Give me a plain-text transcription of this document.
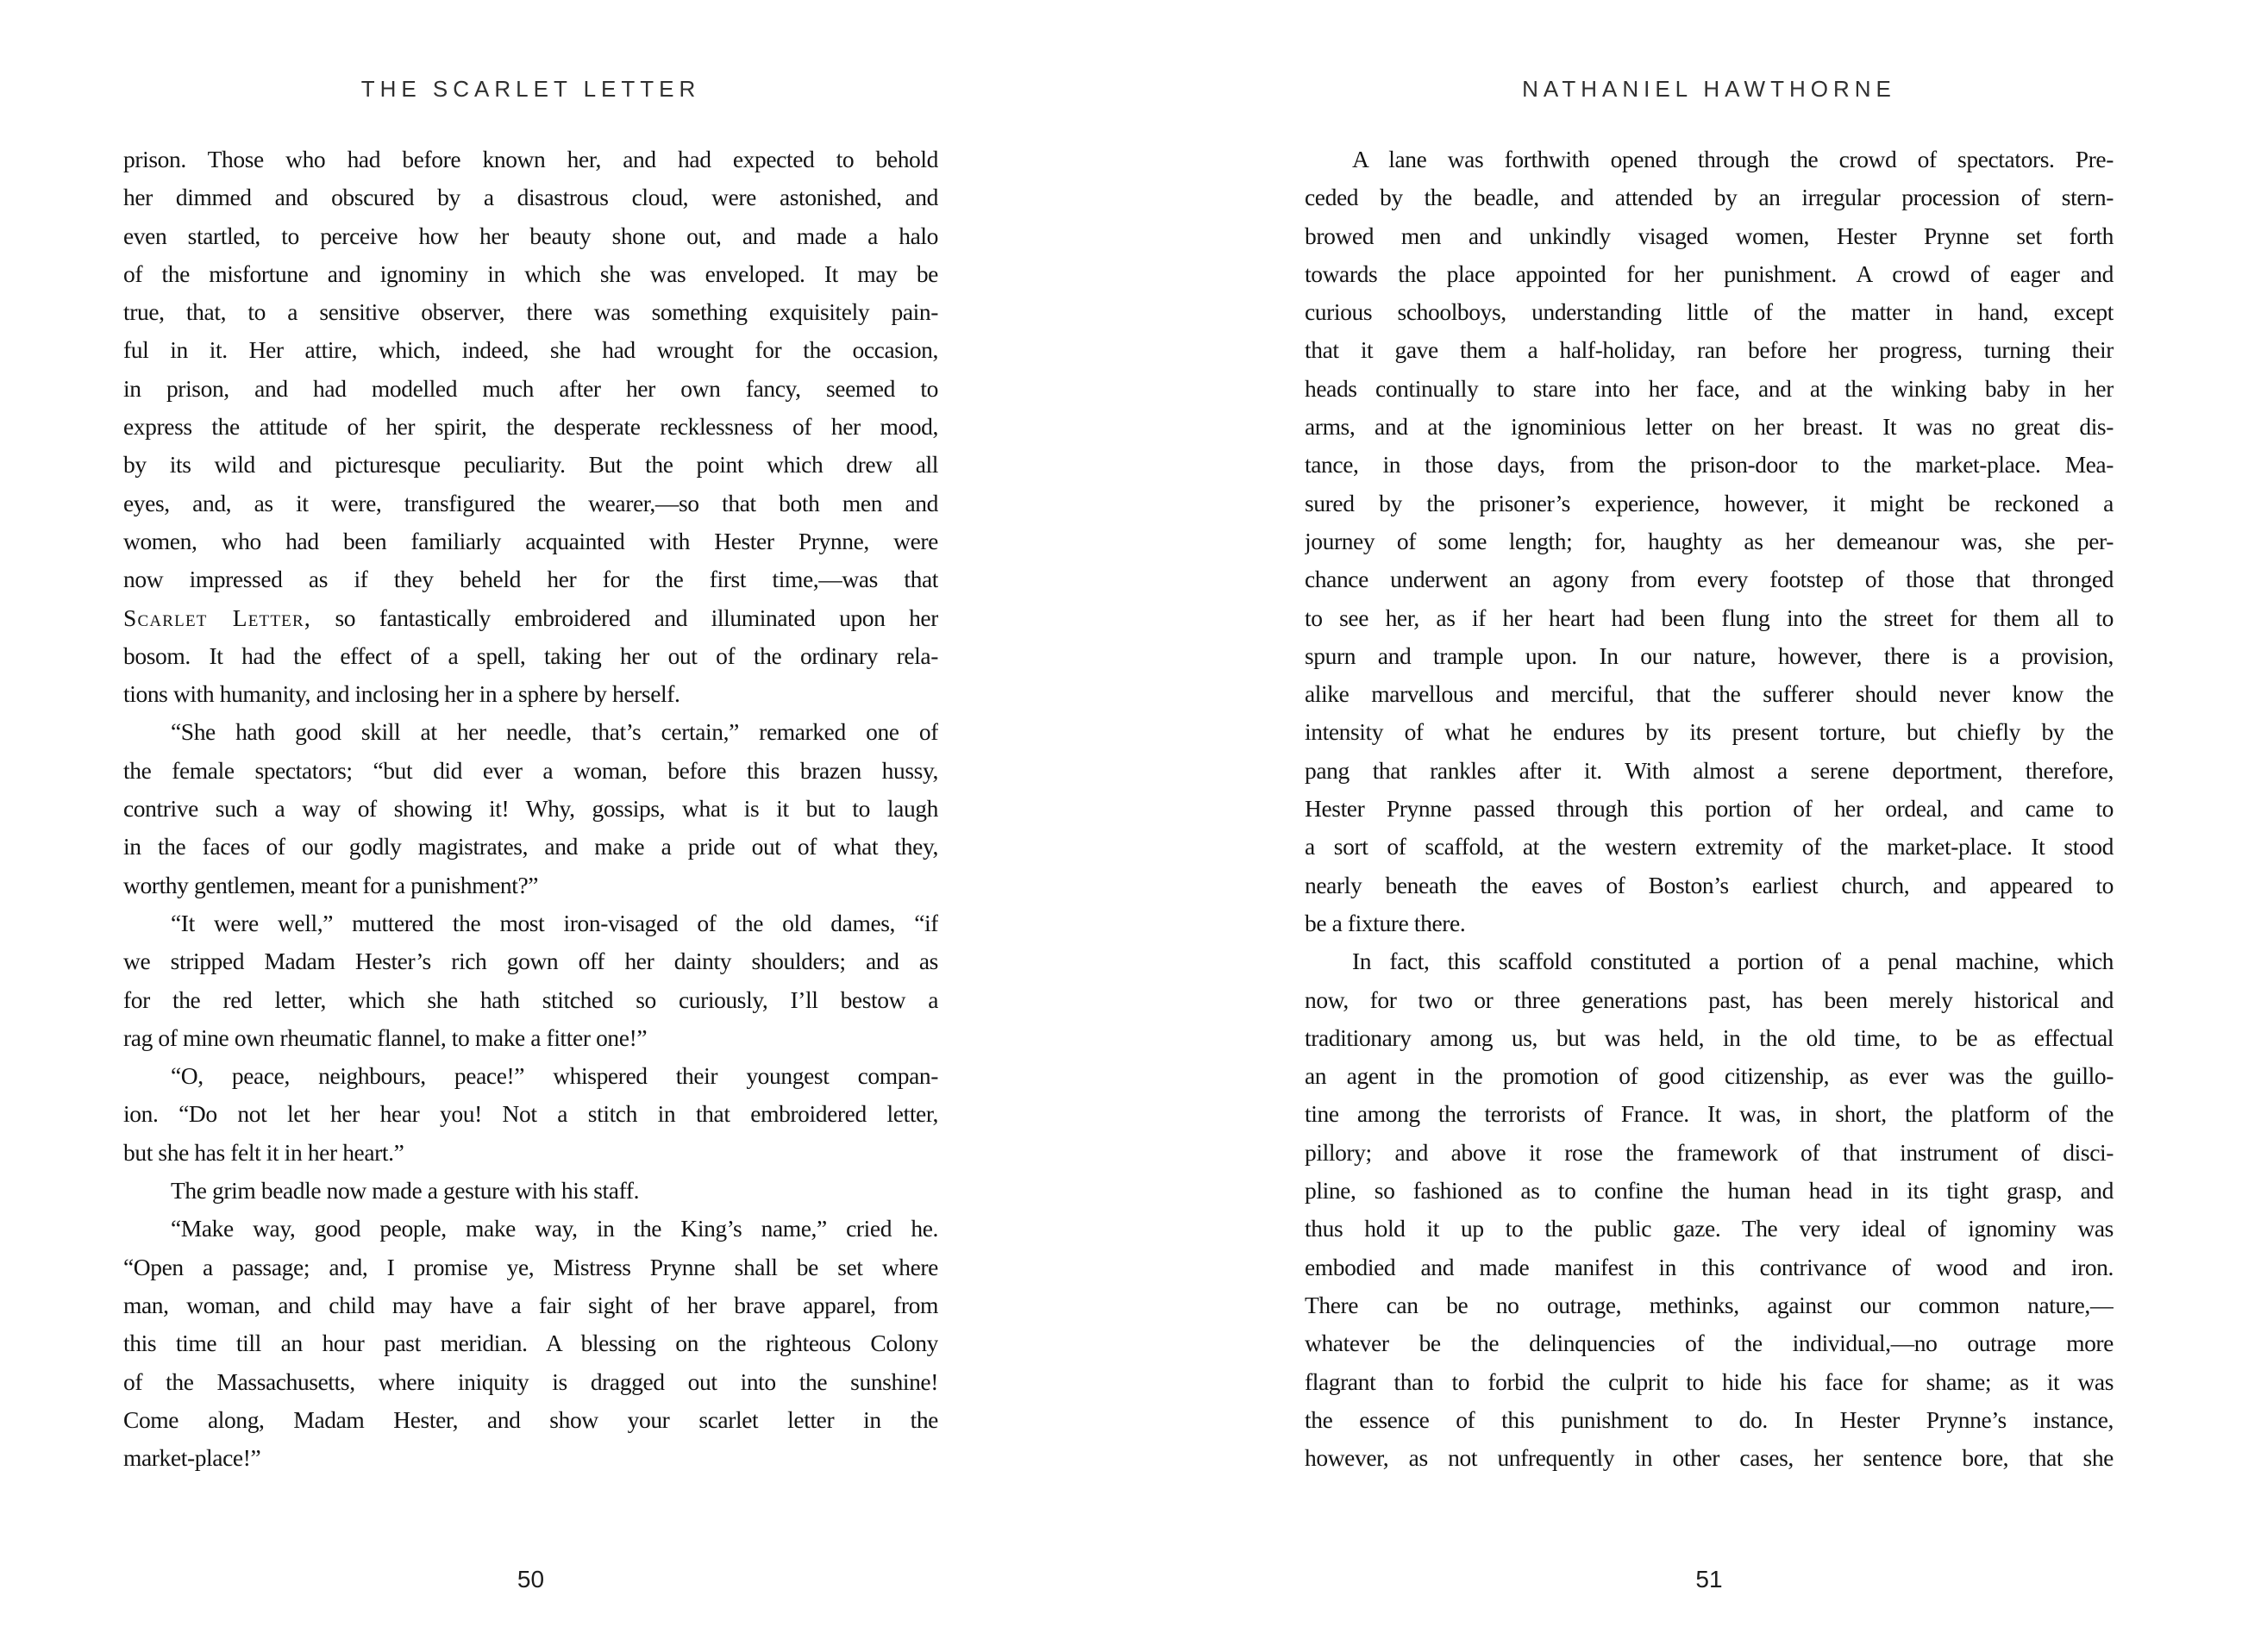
THE SCARLET LETTER
prison. Those who had before known her, and had expected to behold
her dimmed and obscured by a disastrous cloud, were astonished, and
even startled, to perceive how her beauty shone out, and made a halo
of the misfortune and ignominy in which she was enveloped. It may be
true, that, to a sensitive observer, there was something exquisitely pain-
ful in it. Her attire, which, indeed, she had wrought for the occasion,
in prison, and had modelled much after her own fancy, seemed to
express the attitude of her spirit, the desperate recklessness of her mood,
by its wild and picturesque peculiarity. But the point which drew all
eyes, and, as it were, transfigured the wearer,—so that both men and
women, who had been familiarly acquainted with Hester Prynne, were
now impressed as if they beheld her for the first time,—was that
Scarlet Letter, so fantastically embroidered and illuminated upon her
bosom. It had the effect of a spell, taking her out of the ordinary rela-
tions with humanity, and inclosing her in a sphere by herself.
“She hath good skill at her needle, that’s certain,” remarked one of
the female spectators; “but did ever a woman, before this brazen hussy,
contrive such a way of showing it! Why, gossips, what is it but to laugh
in the faces of our godly magistrates, and make a pride out of what they,
worthy gentlemen, meant for a punishment?”
“It were well,” muttered the most iron-visaged of the old dames, “if
we stripped Madam Hester’s rich gown off her dainty shoulders; and as
for the red letter, which she hath stitched so curiously, I’ll bestow a
rag of mine own rheumatic flannel, to make a fitter one!”
“O, peace, neighbours, peace!” whispered their youngest compan-
ion. “Do not let her hear you! Not a stitch in that embroidered letter,
but she has felt it in her heart.”
The grim beadle now made a gesture with his staff.
“Make way, good people, make way, in the King’s name,” cried he.
“Open a passage; and, I promise ye, Mistress Prynne shall be set where
man, woman, and child may have a fair sight of her brave apparel, from
this time till an hour past meridian. A blessing on the righteous Colony
of the Massachusetts, where iniquity is dragged out into the sunshine!
Come along, Madam Hester, and show your scarlet letter in the
market-place!”
50
NATHANIEL HAWTHORNE
A lane was forthwith opened through the crowd of spectators. Pre-
ceded by the beadle, and attended by an irregular procession of stern-
browed men and unkindly visaged women, Hester Prynne set forth
towards the place appointed for her punishment. A crowd of eager and
curious schoolboys, understanding little of the matter in hand, except
that it gave them a half-holiday, ran before her progress, turning their
heads continually to stare into her face, and at the winking baby in her
arms, and at the ignominious letter on her breast. It was no great dis-
tance, in those days, from the prison-door to the market-place. Mea-
sured by the prisoner’s experience, however, it might be reckoned a
journey of some length; for, haughty as her demeanour was, she per-
chance underwent an agony from every footstep of those that thronged
to see her, as if her heart had been flung into the street for them all to
spurn and trample upon. In our nature, however, there is a provision,
alike marvellous and merciful, that the sufferer should never know the
intensity of what he endures by its present torture, but chiefly by the
pang that rankles after it. With almost a serene deportment, therefore,
Hester Prynne passed through this portion of her ordeal, and came to
a sort of scaffold, at the western extremity of the market-place. It stood
nearly beneath the eaves of Boston’s earliest church, and appeared to
be a fixture there.
In fact, this scaffold constituted a portion of a penal machine, which
now, for two or three generations past, has been merely historical and
traditionary among us, but was held, in the old time, to be as effectual
an agent in the promotion of good citizenship, as ever was the guillo-
tine among the terrorists of France. It was, in short, the platform of the
pillory; and above it rose the framework of that instrument of disci-
pline, so fashioned as to confine the human head in its tight grasp, and
thus hold it up to the public gaze. The very ideal of ignominy was
embodied and made manifest in this contrivance of wood and iron.
There can be no outrage, methinks, against our common nature,—
whatever be the delinquencies of the individual,—no outrage more
flagrant than to forbid the culprit to hide his face for shame; as it was
the essence of this punishment to do. In Hester Prynne’s instance,
however, as not unfrequently in other cases, her sentence bore, that she
51
